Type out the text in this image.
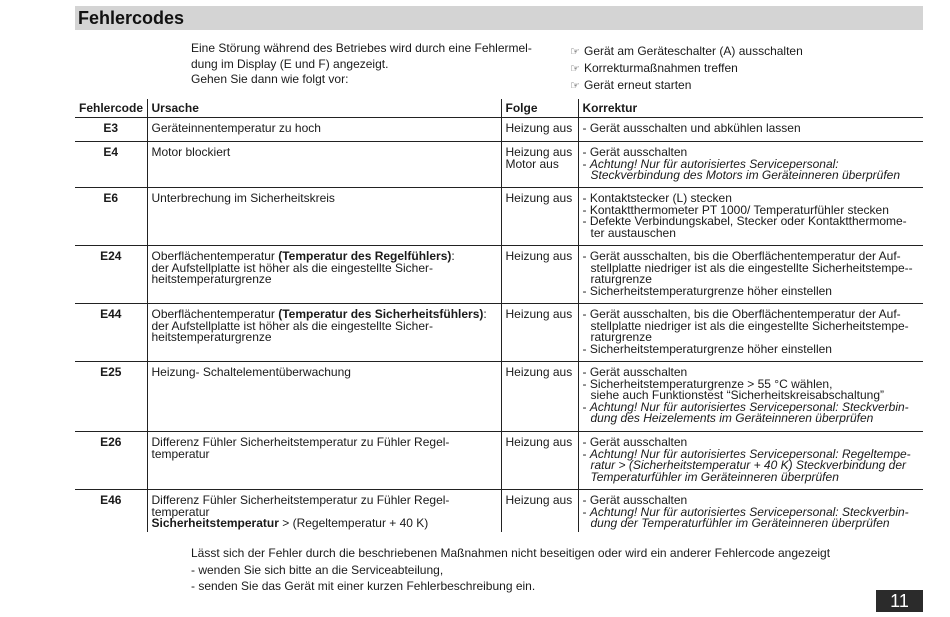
Fehlercodes
Eine Störung während des Betriebes wird durch eine Fehlermel-
dung im Display (E und F) angezeigt.
Gehen Sie dann wie folgt vor:
☞ Gerät am Geräteschalter (A) ausschalten
☞ Korrekturmaßnahmen treffen
☞ Gerät erneut starten
Fehlercode	Ursache	Folge	Korrektur
E3	Geräteinnentemperatur zu hoch	Heizung aus	- Gerät ausschalten und abkühlen lassen

E4	Motor blockiert	Heizung aus
Motor aus	- Gerät ausschalten
- Achtung! Nur für autorisiertes Servicepersonal:
Steckverbindung des Motors im Geräteinneren überprüfen

E6	Unterbrechung im Sicherheitskreis	Heizung aus	- Kontaktstecker (L) stecken
- Kontaktthermometer PT 1000/ Temperaturfühler stecken
- Defekte Verbindungskabel, Stecker oder Kontaktthermome-
ter austauschen

E24	Oberflächentemperatur (Temperatur des Regelfühlers):
der Aufstellplatte ist höher als die eingestellte Sicher-
heitstemperaturgrenze	Heizung aus	- Gerät ausschalten, bis die Oberflächentemperatur der Auf-
stellplatte niedriger ist als die eingestellte Sicherheitstempe--
raturgrenze
- Sicherheitstemperaturgrenze höher einstellen

E44	Oberflächentemperatur (Temperatur des Sicherheitsfühlers):
der Aufstellplatte ist höher als die eingestellte Sicher-
heitstemperaturgrenze	Heizung aus	- Gerät ausschalten, bis die Oberflächentemperatur der Auf-
stellplatte niedriger ist als die eingestellte Sicherheitstempe-
raturgrenze
- Sicherheitstemperaturgrenze höher einstellen

E25	Heizung- Schaltelementüberwachung	Heizung aus	- Gerät ausschalten
- Sicherheitstemperaturgrenze > 55 °C wählen,
siehe auch Funktionstest “Sicherheitskreisabschaltung”
- Achtung! Nur für autorisiertes Servicepersonal: Steckverbin-
dung des Heizelements im Geräteinneren überprüfen

E26	Differenz Fühler Sicherheitstemperatur zu Fühler Regel-
temperatur	Heizung aus	- Gerät ausschalten
- Achtung! Nur für autorisiertes Servicepersonal: Regeltempe-
ratur > (Sicherheitstemperatur + 40 K) Steckverbindung der
Temperaturfühler im Geräteinneren überprüfen

E46	Differenz Fühler Sicherheitstemperatur zu Fühler Regel-
temperatur
Sicherheitstemperatur > (Regeltemperatur + 40 K)	Heizung aus	- Gerät ausschalten
- Achtung! Nur für autorisiertes Servicepersonal: Steckverbin-
dung der Temperaturfühler im Geräteinneren überprüfen
Lässt sich der Fehler durch die beschriebenen Maßnahmen nicht beseitigen oder wird ein anderer Fehlercode angezeigt
- wenden Sie sich bitte an die Serviceabteilung,
- senden Sie das Gerät mit einer kurzen Fehlerbeschreibung ein.
11
